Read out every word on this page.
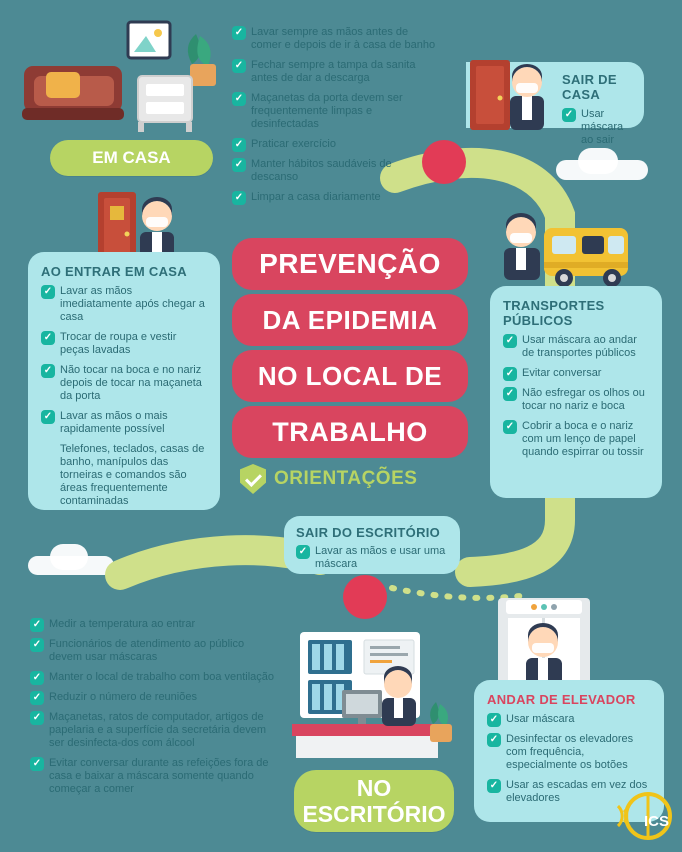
EM CASA
✓ Lavar sempre as mãos antes de comer e depois de ir à casa de banho
✓ Fechar sempre a tampa da sanita antes de dar a descarga
✓ Maçanetas da porta devem ser frequentemente limpas e desinfectadas
✓ Praticar exercício
✓ Manter hábitos saudáveis de descanso
✓ Limpar a casa diariamente
SAIR DE CASA
✓ Usar máscara ao sair
AO ENTRAR EM CASA
✓ Lavar as mãos imediatamente após chegar a casa
✓ Trocar de roupa e vestir peças lavadas
✓ Não tocar na boca e no nariz depois de tocar na maçaneta da porta
✓ Lavar as mãos o mais rapidamente possível
Telefones, teclados, casas de banho, manípulos das torneiras e comandos são áreas frequentemente contaminadas
PREVENÇÃO
DA EPIDEMIA
NO LOCAL DE
TRABALHO
ORIENTAÇÕES
TRANSPORTES
PÚBLICOS
✓ Usar máscara ao andar de transportes públicos
✓ Evitar conversar
✓ Não esfregar os olhos ou tocar no nariz e boca
✓ Cobrir a boca e o nariz com um lenço de papel quando espirrar ou tossir
SAIR DO ESCRITÓRIO
✓ Lavar as mãos e usar uma máscara
✓ Medir a temperatura ao entrar
✓ Funcionários de atendimento ao público devem usar máscaras
✓ Manter o local de trabalho com boa ventilação
✓ Reduzir o número de reuniões
✓ Maçanetas, ratos de computador, artigos de papelaria e a superfície da secretária devem ser desinfecta-dos com álcool
✓ Evitar conversar durante as refeições fora de casa e baixar a máscara somente quando começar a comer	NO
ESCRITÓRIO
ANDAR DE ELEVADOR
✓ Usar máscara
✓ Desinfectar os elevadores com frequência, especialmente os botões
✓ Usar as escadas em vez dos elevadores
ICS
